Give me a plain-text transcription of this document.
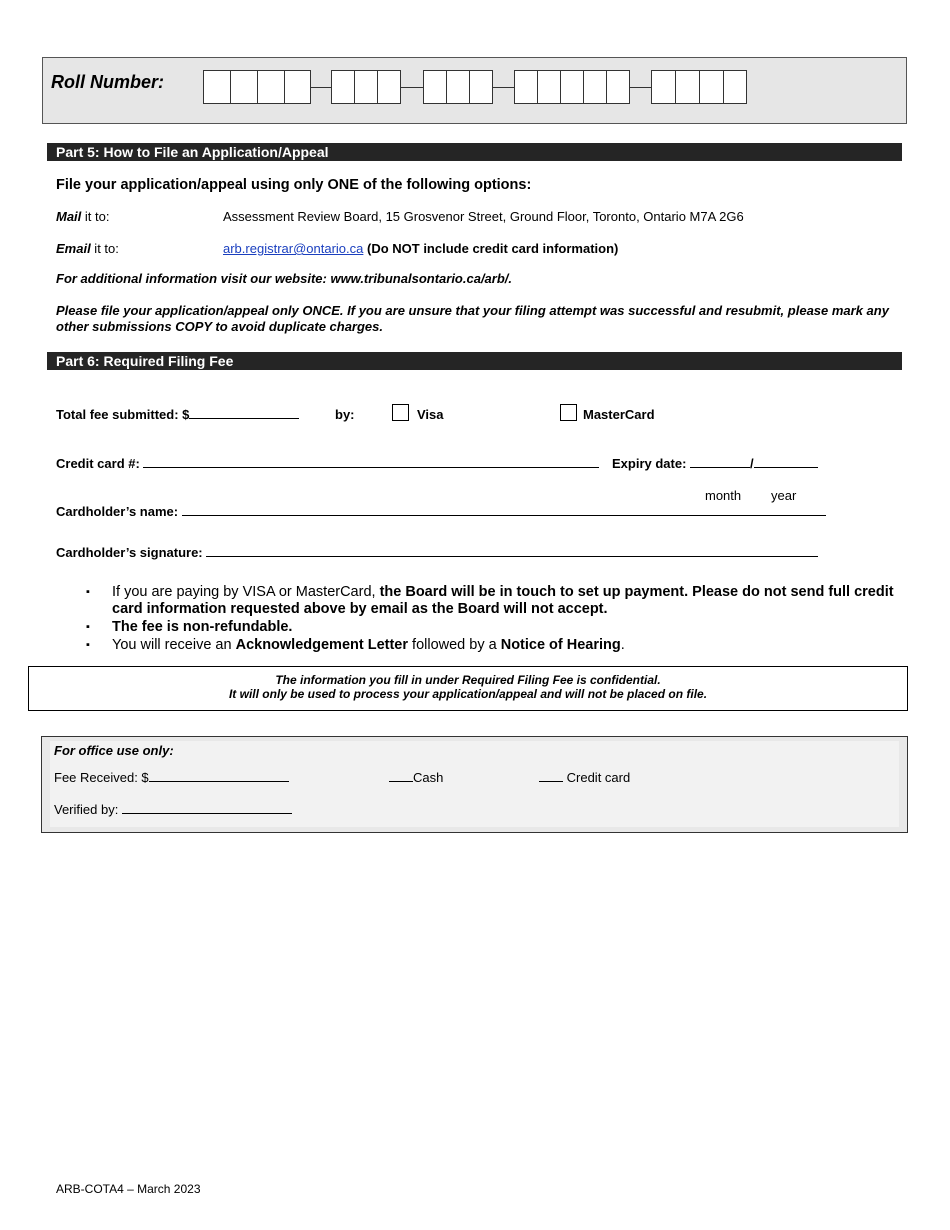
Roll Number:
Part 5: How to File an Application/Appeal
File your application/appeal using only ONE of the following options:
Mail it to:	Assessment Review Board, 15 Grosvenor Street, Ground Floor, Toronto, Ontario M7A 2G6
Email it to:	arb.registrar@ontario.ca (Do NOT include credit card information)
For additional information visit our website: www.tribunalsontario.ca/arb/.
Please file your application/appeal only ONCE. If you are unsure that your filing attempt was successful and resubmit, please mark any other submissions COPY to avoid duplicate charges.
Part 6: Required Filing Fee
Total fee submitted: $	by:	Visa	MasterCard
Credit card #:	Expiry date:	/
month year
Cardholder’s name:
Cardholder’s signature:
▪ If you are paying by VISA or MasterCard, the Board will be in touch to set up payment. Please do not send full credit card information requested above by email as the Board will not accept.
▪ The fee is non-refundable.
▪ You will receive an Acknowledgement Letter followed by a Notice of Hearing.
The information you fill in under Required Filing Fee is confidential.
It will only be used to process your application/appeal and will not be placed on file.
For office use only:
Fee Received: $	Cash	Credit card
Verified by:
ARB-COTA4 – March 2023
